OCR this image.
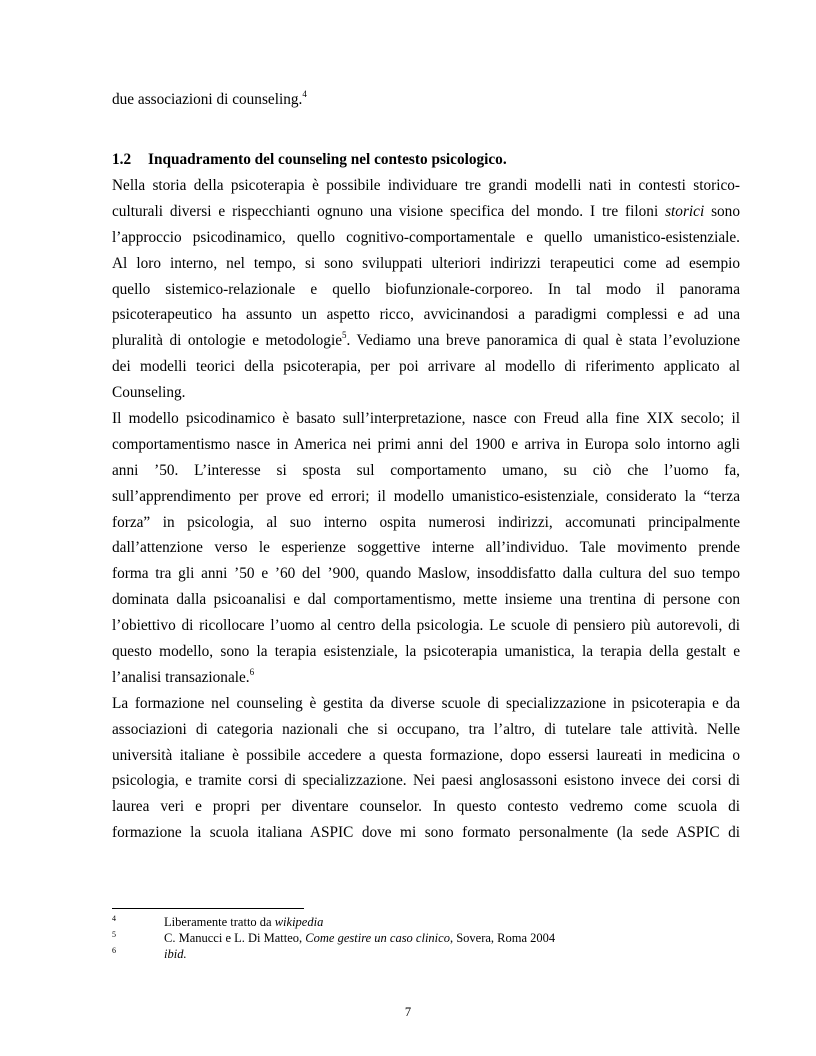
due associazioni di counseling.$^4$
1.2 Inquadramento del counseling nel contesto psicologico.
Nella storia della psicoterapia è possibile individuare tre grandi modelli nati in contesti storico-
culturali diversi e rispecchianti ognuno una visione specifica del mondo. I tre filoni storici sono
l’approccio psicodinamico, quello cognitivo-comportamentale e quello umanistico-esistenziale.
Al loro interno, nel tempo, si sono sviluppati ulteriori indirizzi terapeutici come ad esempio
quello sistemico-relazionale e quello biofunzionale-corporeo. In tal modo il panorama
psicoterapeutico ha assunto un aspetto ricco, avvicinandosi a paradigmi complessi e ad una
pluralità di ontologie e metodologie$^5$. Vediamo una breve panoramica di qual è stata l’evoluzione
dei modelli teorici della psicoterapia, per poi arrivare al modello di riferimento applicato al
Counseling.
Il modello psicodinamico è basato sull’interpretazione, nasce con Freud alla fine XIX secolo; il
comportamentismo nasce in America nei primi anni del 1900 e arriva in Europa solo intorno agli
anni ’50. L’interesse si sposta sul comportamento umano, su ciò che l’uomo fa,
sull’apprendimento per prove ed errori; il modello umanistico-esistenziale, considerato la “terza
forza” in psicologia, al suo interno ospita numerosi indirizzi, accomunati principalmente
dall’attenzione verso le esperienze soggettive interne all’individuo. Tale movimento prende
forma tra gli anni ’50 e ’60 del ’900, quando Maslow, insoddisfatto dalla cultura del suo tempo
dominata dalla psicoanalisi e dal comportamentismo, mette insieme una trentina di persone con
l’obiettivo di ricollocare l’uomo al centro della psicologia. Le scuole di pensiero più autorevoli, di
questo modello, sono la terapia esistenziale, la psicoterapia umanistica, la terapia della gestalt e
l’analisi transazionale.$^6$
La formazione nel counseling è gestita da diverse scuole di specializzazione in psicoterapia e da
associazioni di categoria nazionali che si occupano, tra l’altro, di tutelare tale attività. Nelle
università italiane è possibile accedere a questa formazione, dopo essersi laureati in medicina o
psicologia, e tramite corsi di specializzazione. Nei paesi anglosassoni esistono invece dei corsi di
laurea veri e propri per diventare counselor. In questo contesto vedremo come scuola di
formazione la scuola italiana ASPIC dove mi sono formato personalmente (la sede ASPIC di
4	Liberamente tratto da wikipedia
5	C. Manucci e L. Di Matteo, Come gestire un caso clinico, Sovera, Roma 2004
6	ibid.
7
